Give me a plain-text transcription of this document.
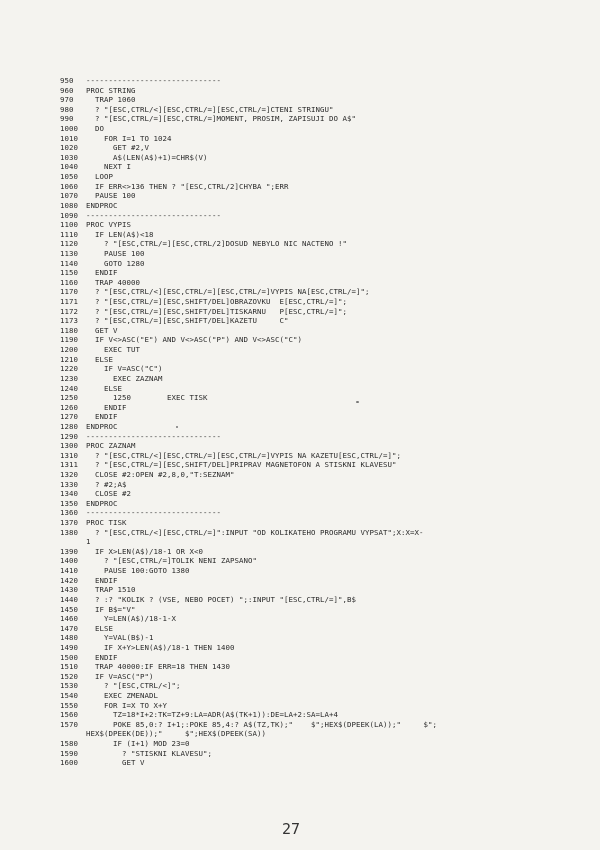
950	------------------------------
960	PROC STRING
970	TRAP 1060
980	? "[ESC,CTRL/<][ESC,CTRL/=][ESC,CTRL/=]CTENI STRINGU"
990	? "[ESC,CTRL/=][ESC,CTRL/=]MOMENT, PROSIM, ZAPISUJI DO A$"
1000	DO
1010	FOR I=1 TO 1024
1020	GET #2,V
1030	A$(LEN(A$)+1)=CHR$(V)
1040	NEXT I
1050	LOOP
1060	IF ERR<>136 THEN ? "[ESC,CTRL/2]CHYBA ";ERR
1070	PAUSE 100
1080	ENDPROC
1090	------------------------------
1100	PROC VYPIS
1110	IF LEN(A$)<18
1120	? "[ESC,CTRL/=][ESC,CTRL/2]DOSUD NEBYLO NIC NACTENO !"
1130	PAUSE 100
1140	GOTO 1280
1150	ENDIF
1160	TRAP 40000
1170	? "[ESC,CTRL/<][ESC,CTRL/=][ESC,CTRL/=]VYPIS NA[ESC,CTRL/=]";
1171	? "[ESC,CTRL/=][ESC,SHIFT/DEL]OBRAZOVKU  E[ESC,CTRL/=]";
1172	? "[ESC,CTRL/=][ESC,SHIFT/DEL]TISKARNU   P[ESC,CTRL/=]";
1173	? "[ESC,CTRL/=][ESC,SHIFT/DEL]KAZETU     C"
1180	GET V
1190	IF V<>ASC("E") AND V<>ASC("P") AND V<>ASC("C")
1200	EXEC TUT
1210	ELSE
1220	IF V=ASC("C")
1230	EXEC ZAZNAM
1240	ELSE
1250	1250        EXEC TISK
1260	ENDIF
1270	ENDIF
1280	ENDPROC
1290	------------------------------
1300	PROC ZAZNAM
1310	? "[ESC,CTRL/<][ESC,CTRL/=][ESC,CTRL/=]VYPIS NA KAZETU[ESC,CTRL/=]";
1311	? "[ESC,CTRL/=][ESC,SHIFT/DEL]PRIPRAV MAGNETOFON A STISKNI KLAVESU"
1320	CLOSE #2:OPEN #2,8,0,"T:SEZNAM"
1330	? #2;A$
1340	CLOSE #2
1350	ENDPROC
1360	------------------------------
1370	PROC TISK
1380	? "[ESC,CTRL/<][ESC,CTRL/=]":INPUT "OD KOLIKATEHO PROGRAMU VYPSAT";X:X=X-
1
1390	IF X>LEN(A$)/18-1 OR X<0
1400	? "[ESC,CTRL/=]TOLIK NENI ZAPSANO"
1410	PAUSE 100:GOTO 1380
1420	ENDIF
1430	TRAP 1510
1440	? :? "KOLIK ? (VSE, NEBO POCET) ";:INPUT "[ESC,CTRL/=]",B$
1450	IF B$="V"
1460	Y=LEN(A$)/18-1-X
1470	ELSE
1480	Y=VAL(B$)-1
1490	IF X+Y>LEN(A$)/18-1 THEN 1400
1500	ENDIF
1510	TRAP 40000:IF ERR=18 THEN 1430
1520	IF V=ASC("P")
1530	? "[ESC,CTRL/<]";
1540	EXEC ZMENADL
1550	FOR I=X TO X+Y
1560	TZ=18*I+2:TK=TZ+9:LA=ADR(A$(TK+1)):DE=LA+2:SA=LA+4
1570	POKE 85,0:? I+1;:POKE 85,4:? A$(TZ,TK);"    $";HEX$(DPEEK(LA));"     $";
HEX$(DPEEK(DE));"     $";HEX$(DPEEK(SA))
1580	IF (I+1) MOD 23=0
1590	? "STISKNI KLAVESU";
1600	GET V
27
